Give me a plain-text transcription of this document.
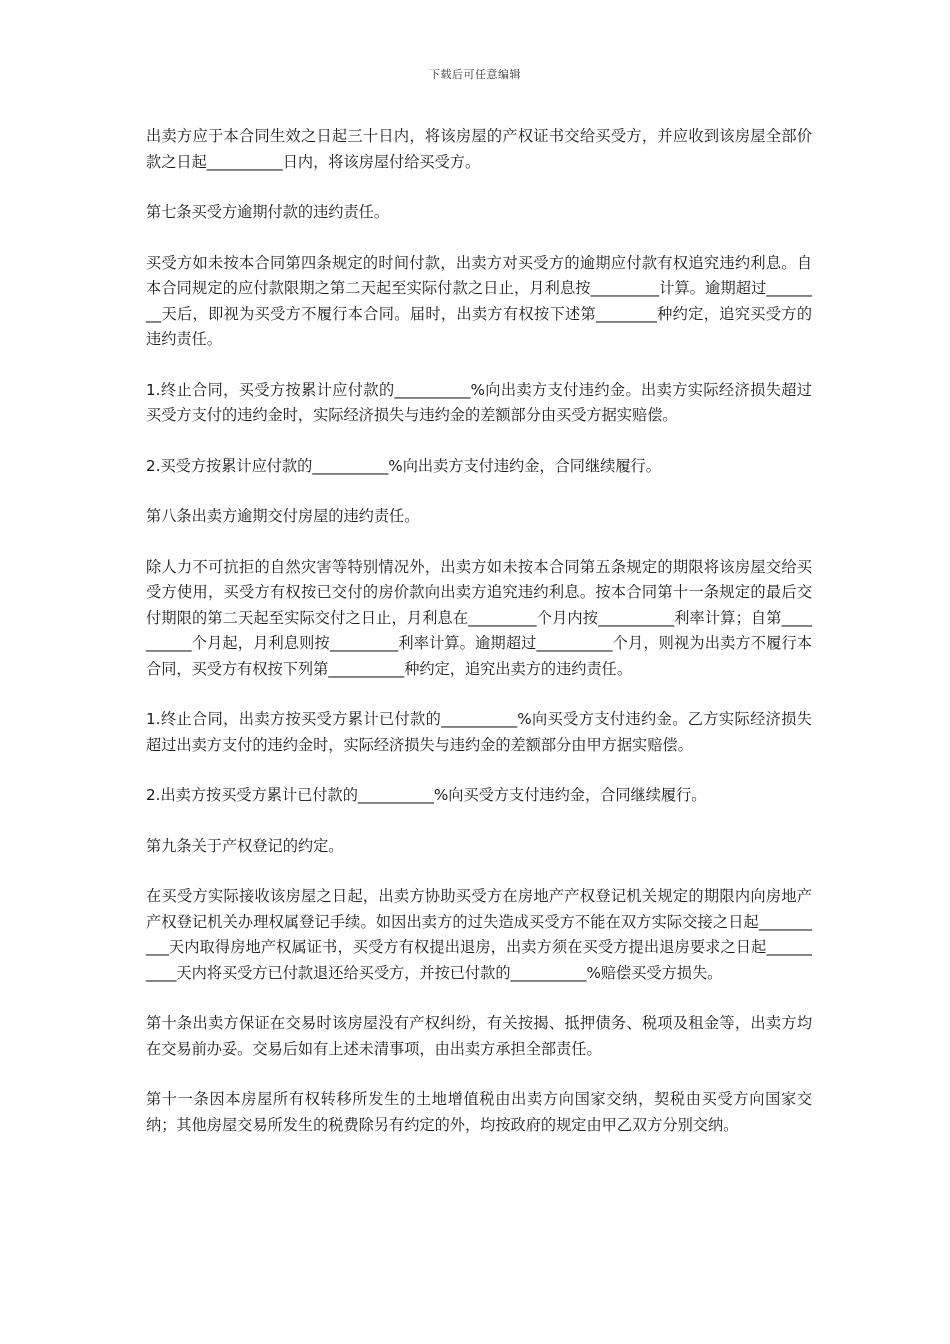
下载后可任意编辑

出卖方应于本合同生效之日起三十日内，将该房屋的产权证书交给买受方，并应收到该房屋全部价款之日起__________日内，将该房屋付给买受方。

第七条买受方逾期付款的违约责任。

买受方如未按本合同第四条规定的时间付款，出卖方对买受方的逾期应付款有权追究违约利息。自本合同规定的应付款限期之第二天起至实际付款之日止，月利息按_________计算。逾期超过________天后，即视为买受方不履行本合同。届时，出卖方有权按下述第________种约定，追究买受方的违约责任。

1.终止合同，买受方按累计应付款的__________%向出卖方支付违约金。出卖方实际经济损失超过买受方支付的违约金时，实际经济损失与违约金的差额部分由买受方据实赔偿。

2.买受方按累计应付款的__________%向出卖方支付违约金，合同继续履行。

第八条出卖方逾期交付房屋的违约责任。

除人力不可抗拒的自然灾害等特别情况外，出卖方如未按本合同第五条规定的期限将该房屋交给买受方使用，买受方有权按已交付的房价款向出卖方追究违约利息。按本合同第十一条规定的最后交付期限的第二天起至实际交付之日止，月利息在_________个月内按__________利率计算；自第__________个月起，月利息则按_________利率计算。逾期超过__________个月，则视为出卖方不履行本合同，买受方有权按下列第__________种约定，追究出卖方的违约责任。

1.终止合同，出卖方按买受方累计已付款的__________%向买受方支付违约金。乙方实际经济损失超过出卖方支付的违约金时，实际经济损失与违约金的差额部分由甲方据实赔偿。

2.出卖方按买受方累计已付款的__________%向买受方支付违约金，合同继续履行。

第九条关于产权登记的约定。

在买受方实际接收该房屋之日起，出卖方协助买受方在房地产产权登记机关规定的期限内向房地产产权登记机关办理权属登记手续。如因出卖方的过失造成买受方不能在双方实际交接之日起__________天内取得房地产权属证书，买受方有权提出退房，出卖方须在买受方提出退房要求之日起__________天内将买受方已付款退还给买受方，并按已付款的__________%赔偿买受方损失。

第十条出卖方保证在交易时该房屋没有产权纠纷，有关按揭、抵押债务、税项及租金等，出卖方均在交易前办妥。交易后如有上述未清事项，由出卖方承担全部责任。

第十一条因本房屋所有权转移所发生的土地增值税由出卖方向国家交纳，契税由买受方向国家交纳；其他房屋交易所发生的税费除另有约定的外，均按政府的规定由甲乙双方分别交纳。
